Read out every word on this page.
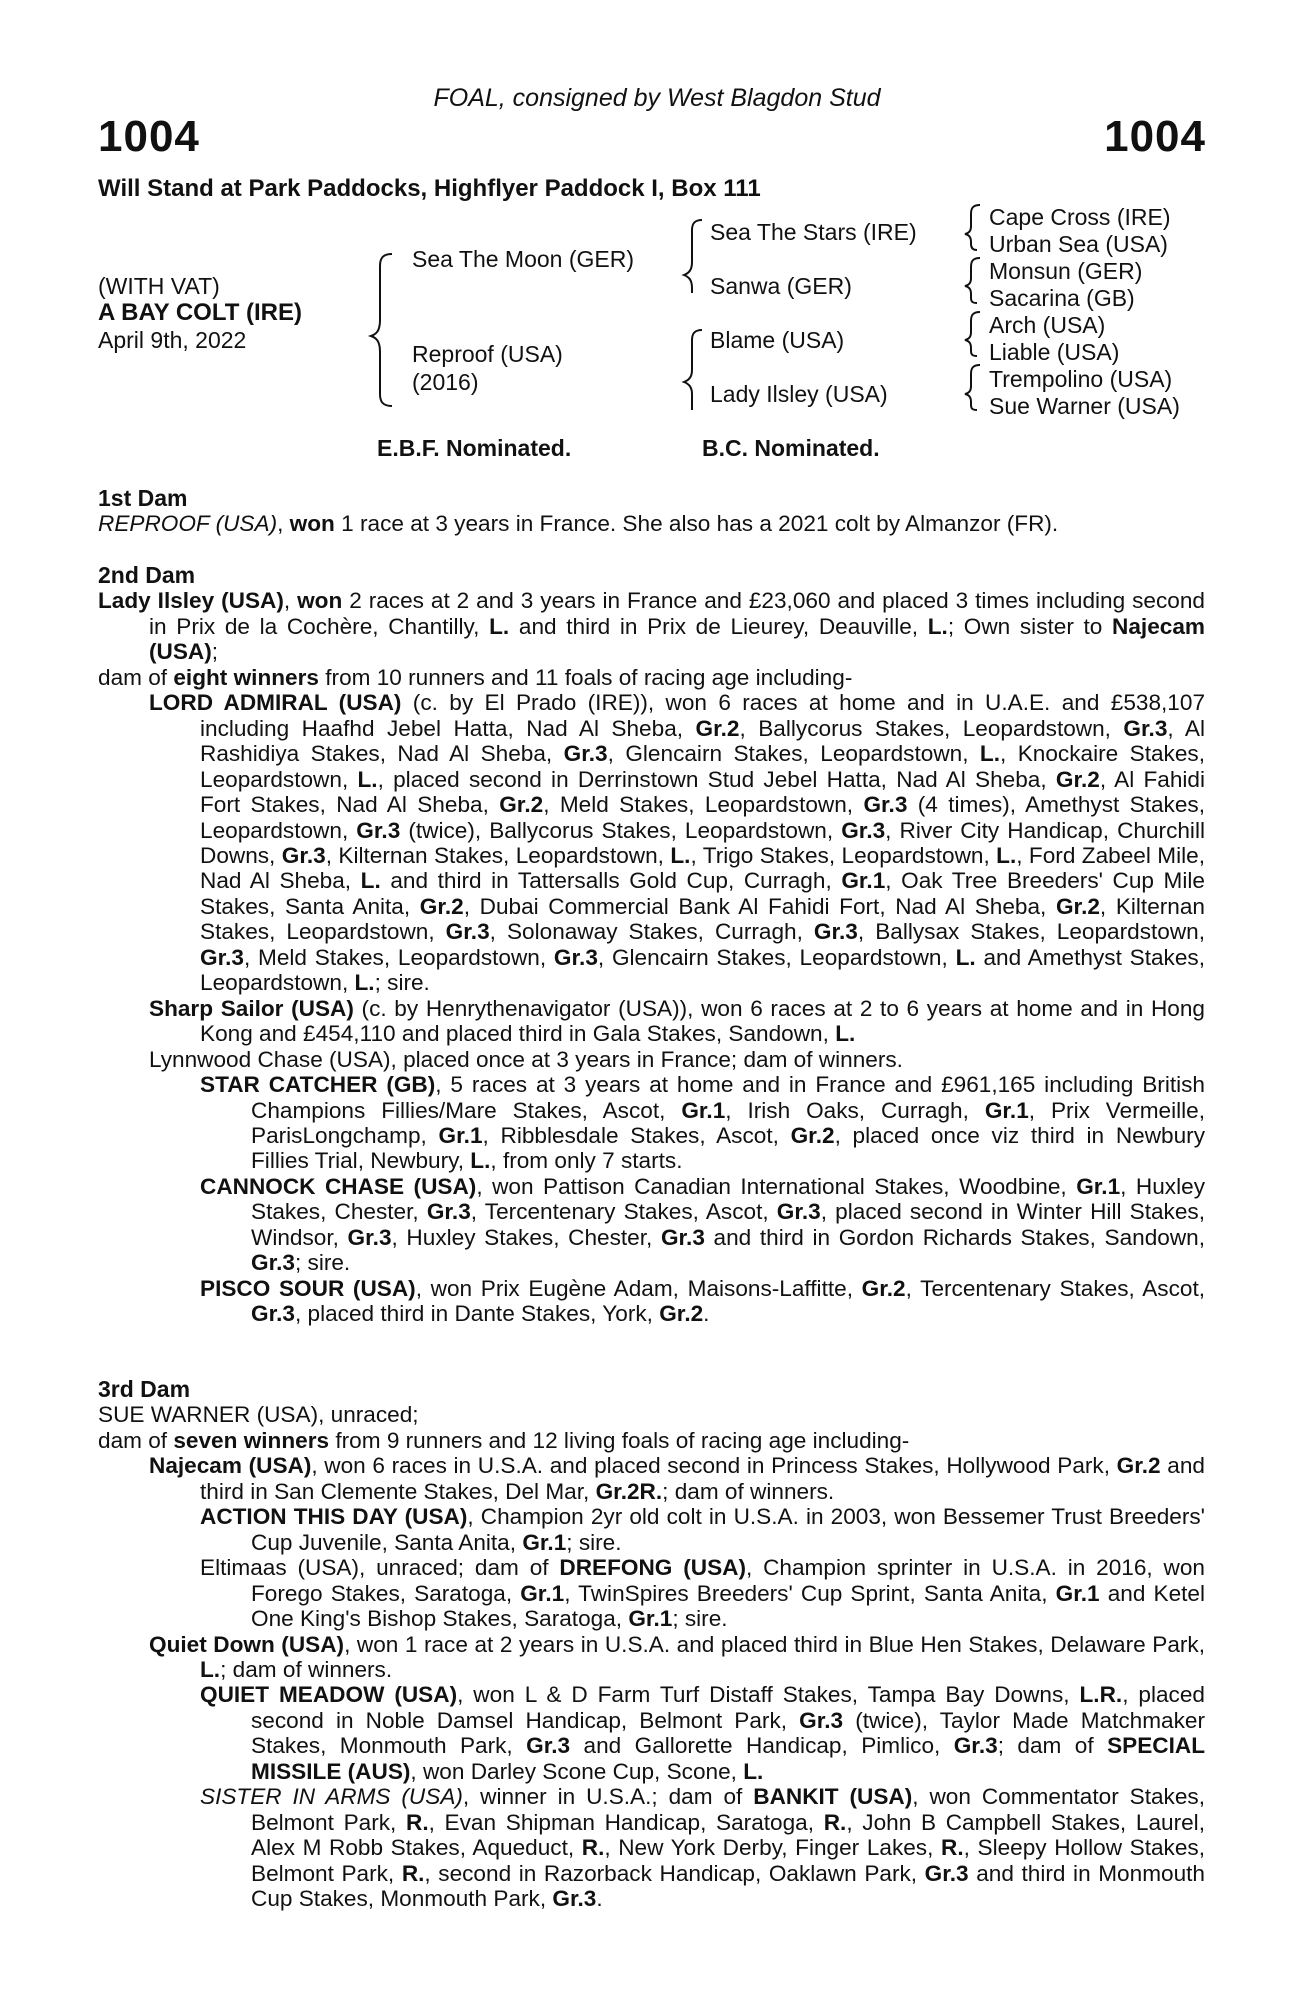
FOAL, consigned by West Blagdon Stud
1004	1004
Will Stand at Park Paddocks, Highflyer Paddock I, Box 111
(WITH VAT)
A BAY COLT (IRE)
April 9th, 2022
Sea The Moon (GER)
Reproof (USA)
(2016)
Sea The Stars (IRE)
Sanwa (GER)
Blame (USA)
Lady Ilsley (USA)
Cape Cross (IRE)
Urban Sea (USA)
Monsun (GER)
Sacarina (GB)
Arch (USA)
Liable (USA)
Trempolino (USA)
Sue Warner (USA)
E.B.F. Nominated.	B.C. Nominated.
1st Dam

REPROOF (USA), won 1 race at 3 years in France. She also has a 2021 colt by Almanzor (FR).

2nd Dam

Lady Ilsley (USA), won 2 races at 2 and 3 years in France and £23,060 and placed 3 times including second in Prix de la Cochère, Chantilly, L. and third in Prix de Lieurey, Deauville, L.; Own sister to Najecam (USA);

dam of eight winners from 10 runners and 11 foals of racing age including-

LORD ADMIRAL (USA) (c. by El Prado (IRE)), won 6 races at home and in U.A.E. and £538,107 including Haafhd Jebel Hatta, Nad Al Sheba, Gr.2, Ballycorus Stakes, Leopardstown, Gr.3, Al Rashidiya Stakes, Nad Al Sheba, Gr.3, Glencairn Stakes, Leopardstown, L., Knockaire Stakes, Leopardstown, L., placed second in Derrinstown Stud Jebel Hatta, Nad Al Sheba, Gr.2, Al Fahidi Fort Stakes, Nad Al Sheba, Gr.2, Meld Stakes, Leopardstown, Gr.3 (4 times), Amethyst Stakes, Leopardstown, Gr.3 (twice), Ballycorus Stakes, Leopardstown, Gr.3, River City Handicap, Churchill Downs, Gr.3, Kilternan Stakes, Leopardstown, L., Trigo Stakes, Leopardstown, L., Ford Zabeel Mile, Nad Al Sheba, L. and third in Tattersalls Gold Cup, Curragh, Gr.1, Oak Tree Breeders' Cup Mile Stakes, Santa Anita, Gr.2, Dubai Commercial Bank Al Fahidi Fort, Nad Al Sheba, Gr.2, Kilternan Stakes, Leopardstown, Gr.3, Solonaway Stakes, Curragh, Gr.3, Ballysax Stakes, Leopardstown, Gr.3, Meld Stakes, Leopardstown, Gr.3, Glencairn Stakes, Leopardstown, L. and Amethyst Stakes, Leopardstown, L.; sire.

Sharp Sailor (USA) (c. by Henrythenavigator (USA)), won 6 races at 2 to 6 years at home and in Hong Kong and £454,110 and placed third in Gala Stakes, Sandown, L.

Lynnwood Chase (USA), placed once at 3 years in France; dam of winners.

STAR CATCHER (GB), 5 races at 3 years at home and in France and £961,165 including British Champions Fillies/Mare Stakes, Ascot, Gr.1, Irish Oaks, Curragh, Gr.1, Prix Vermeille, ParisLongchamp, Gr.1, Ribblesdale Stakes, Ascot, Gr.2, placed once viz third in Newbury Fillies Trial, Newbury, L., from only 7 starts.

CANNOCK CHASE (USA), won Pattison Canadian International Stakes, Woodbine, Gr.1, Huxley Stakes, Chester, Gr.3, Tercentenary Stakes, Ascot, Gr.3, placed second in Winter Hill Stakes, Windsor, Gr.3, Huxley Stakes, Chester, Gr.3 and third in Gordon Richards Stakes, Sandown, Gr.3; sire.

PISCO SOUR (USA), won Prix Eugène Adam, Maisons-Laffitte, Gr.2, Tercentenary Stakes, Ascot, Gr.3, placed third in Dante Stakes, York, Gr.2.

3rd Dam

SUE WARNER (USA), unraced;

dam of seven winners from 9 runners and 12 living foals of racing age including-

Najecam (USA), won 6 races in U.S.A. and placed second in Princess Stakes, Hollywood Park, Gr.2 and third in San Clemente Stakes, Del Mar, Gr.2R.; dam of winners.

ACTION THIS DAY (USA), Champion 2yr old colt in U.S.A. in 2003, won Bessemer Trust Breeders' Cup Juvenile, Santa Anita, Gr.1; sire.

Eltimaas (USA), unraced; dam of DREFONG (USA), Champion sprinter in U.S.A. in 2016, won Forego Stakes, Saratoga, Gr.1, TwinSpires Breeders' Cup Sprint, Santa Anita, Gr.1 and Ketel One King's Bishop Stakes, Saratoga, Gr.1; sire.

Quiet Down (USA), won 1 race at 2 years in U.S.A. and placed third in Blue Hen Stakes, Delaware Park, L.; dam of winners.

QUIET MEADOW (USA), won L & D Farm Turf Distaff Stakes, Tampa Bay Downs, L.R., placed second in Noble Damsel Handicap, Belmont Park, Gr.3 (twice), Taylor Made Matchmaker Stakes, Monmouth Park, Gr.3 and Gallorette Handicap, Pimlico, Gr.3; dam of SPECIAL MISSILE (AUS), won Darley Scone Cup, Scone, L.

SISTER IN ARMS (USA), winner in U.S.A.; dam of BANKIT (USA), won Commentator Stakes, Belmont Park, R., Evan Shipman Handicap, Saratoga, R., John B Campbell Stakes, Laurel, Alex M Robb Stakes, Aqueduct, R., New York Derby, Finger Lakes, R., Sleepy Hollow Stakes, Belmont Park, R., second in Razorback Handicap, Oaklawn Park, Gr.3 and third in Monmouth Cup Stakes, Monmouth Park, Gr.3.
